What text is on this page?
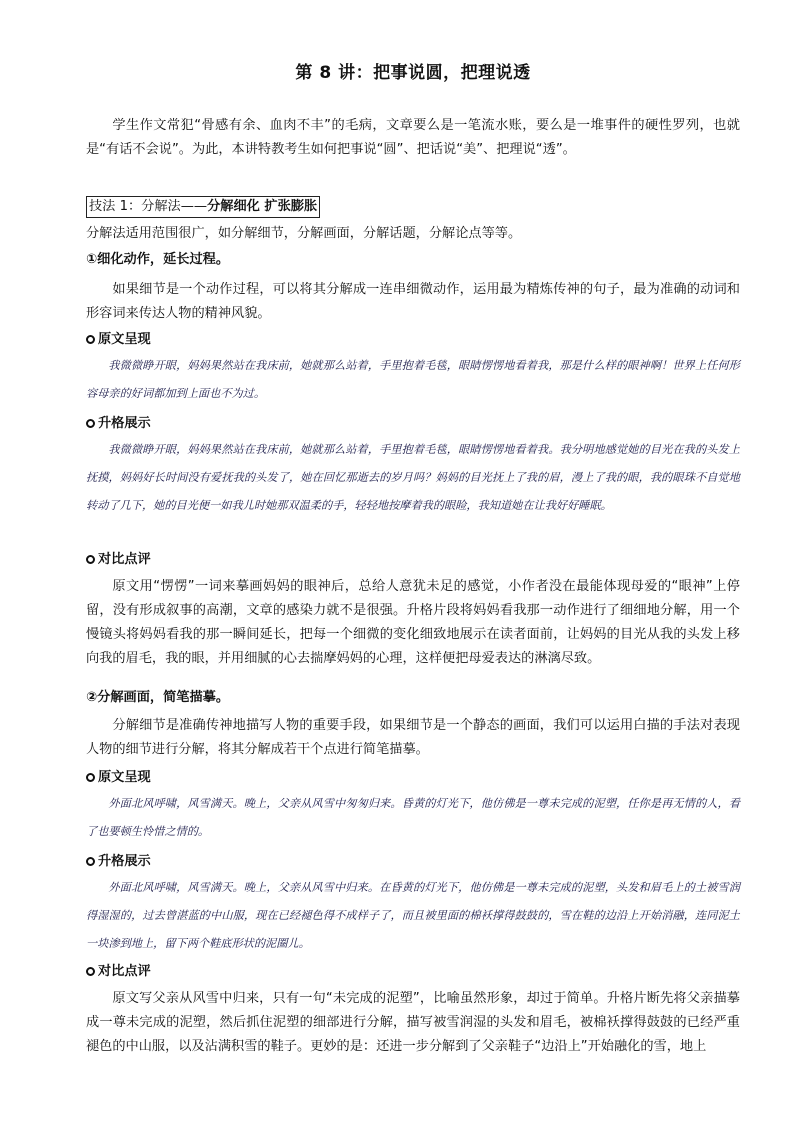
第 8 讲：把事说圆，把理说透
学生作文常犯“骨感有余、血肉不丰”的毛病，文章要么是一笔流水账，要么是一堆事件的硬性罗列，也就是“有话不会说”。为此，本讲特教考生如何把事说“圆”、把话说“美”、把理说“透”。
技法 1：分解法——分解细化 扩张膨胀
分解法适用范围很广，如分解细节，分解画面，分解话题，分解论点等等。
①细化动作，延长过程。
如果细节是一个动作过程，可以将其分解成一连串细微动作，运用最为精炼传神的句子，最为准确的动词和形容词来传达人物的精神风貌。
原文呈现
我微微睁开眼，妈妈果然站在我床前，她就那么站着，手里抱着毛毯，眼睛愣愣地看着我，那是什么样的眼神啊！世界上任何形容母亲的好词都加到上面也不为过。
升格展示
我微微睁开眼，妈妈果然站在我床前，她就那么站着，手里抱着毛毯，眼睛愣愣地看着我。我分明地感觉她的目光在我的头发上抚摸，妈妈好长时间没有爱抚我的头发了，她在回忆那逝去的岁月吗？妈妈的目光抚上了我的眉，漫上了我的眼，我的眼珠不自觉地转动了几下，她的目光便一如我儿时她那双温柔的手，轻轻地按摩着我的眼睑，我知道她在让我好好睡眠。
对比点评
原文用“愣愣”一词来摹画妈妈的眼神后，总给人意犹未足的感觉，小作者没在最能体现母爱的“眼神”上停留，没有形成叙事的高潮，文章的感染力就不是很强。升格片段将妈妈看我那一动作进行了细细地分解，用一个慢镜头将妈妈看我的那一瞬间延长，把每一个细微的变化细致地展示在读者面前，让妈妈的目光从我的头发上移向我的眉毛，我的眼，并用细腻的心去揣摩妈妈的心理，这样便把母爱表达的淋漓尽致。
②分解画面，简笔描摹。
分解细节是准确传神地描写人物的重要手段，如果细节是一个静态的画面，我们可以运用白描的手法对表现人物的细节进行分解，将其分解成若干个点进行简笔描摹。
原文呈现
外面北风呼啸，风雪满天。晚上，父亲从风雪中匆匆归来。昏黄的灯光下，他仿佛是一尊未完成的泥塑，任你是再无情的人，看了也要顿生怜惜之情的。
升格展示
外面北风呼啸，风雪满天。晚上，父亲从风雪中归来。在昏黄的灯光下，他仿佛是一尊未完成的泥塑，头发和眉毛上的土被雪润得湿湿的，过去曾湛蓝的中山服，现在已经褪色得不成样子了，而且被里面的棉袄撑得鼓鼓的，雪在鞋的边沿上开始消融，连同泥土一块渗到地上，留下两个鞋底形状的泥圈儿。
对比点评
原文写父亲从风雪中归来，只有一句“未完成的泥塑”，比喻虽然形象，却过于简单。升格片断先将父亲描摹成一尊未完成的泥塑，然后抓住泥塑的细部进行分解，描写被雪润湿的头发和眉毛，被棉袄撑得鼓鼓的已经严重褪色的中山服，以及沾满积雪的鞋子。更妙的是：还进一步分解到了父亲鞋子“边沿上”开始融化的雪，地上
